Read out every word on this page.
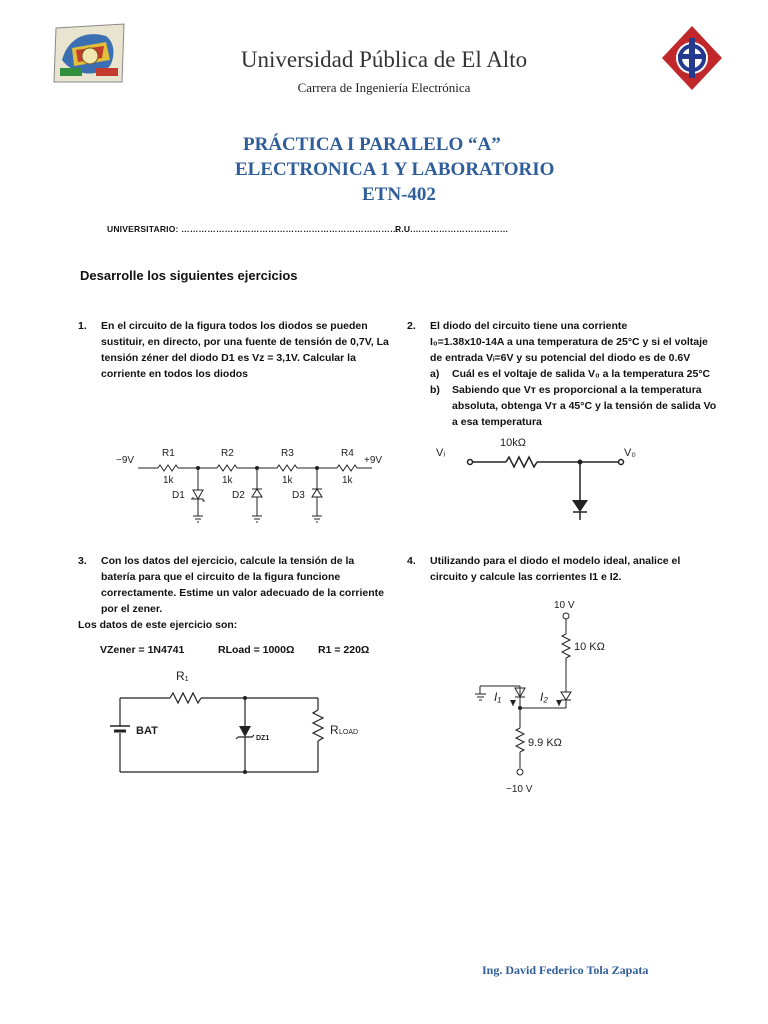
Universidad Pública de El Alto
Carrera de Ingeniería Electrónica
PRÁCTICA I PARALELO “A”
ELECTRONICA 1 Y LABORATORIO
ETN-402
UNIVERSITARIO: …………………………………………………………………
R.U.……………………………
Desarrolle los siguientes ejercicios
1. En el circuito de la figura todos los diodos se pueden sustituir, en directo, por una fuente de tensión de 0,7V, La tensión zéner del diodo D1 es Vz = 3,1V. Calcular la corriente en todos los diodos
2. El diodo del circuito tiene una corriente
I₀=1.38x10-14A a una temperatura de 25°C y si el voltaje
de entrada Vᵢ=6V y su potencial del diodo es de 0.6V
a) Cuál es el voltaje de salida V₀ a la temperatura 25°C
b) Sabiendo que Vᴛ es proporcional a la temperatura
absoluta, obtenga Vᴛ a 45°C y la tensión de salida Vo
a esa temperatura
−9V	+9V
R1	R2	R3	R4
1k	1k	1k	1k
D1	D2	D3
Vᵢ
10kΩ
V₀
3. Con los datos del ejercicio, calcule la tensión de la batería para que el circuito de la figura funcione correctamente. Estime un valor adecuado de la corriente por el zener.
Los datos de este ejercicio son:
VZener = 1N4741	RLoad = 1000Ω R1 = 220Ω
R₁
BAT
DZ1
R LOAD
4. Utilizando para el diodo el modelo ideal, analice el circuito y calcule las corrientes I1 e I2.
10 V
10 KΩ
I₁	I₂
9.9 KΩ
−10 V
Ing. David Federico Tola Zapata
